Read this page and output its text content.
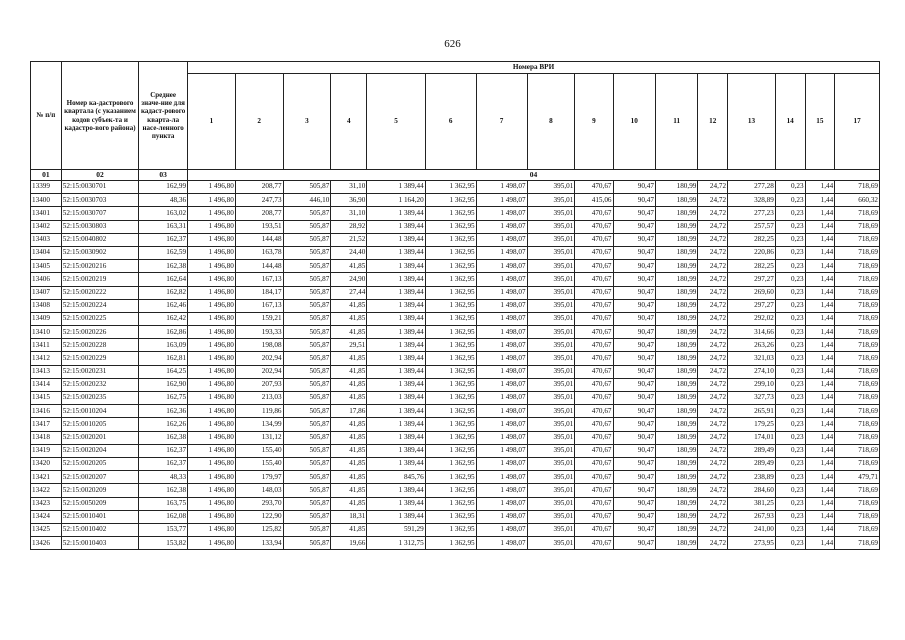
626
№ п/п	Номер ка-дастрового квартала (с указанием кодов субъек-та и кадастро-вого района)	Среднее значе-ние для кадаст-рового кварта-ла насе-ленного пункта	Номера ВРИ															
			1	2	3	4	5	6	7	8	9	10	11	12	13	14	15	17
01	02	03	04															
13399	52:15:0030701	162,99	1 496,80	208,77	505,87	31,10	1 389,44	1 362,95	1 498,07	395,01	470,67	90,47	180,99	24,72	277,28	0,23	1,44	718,69
13400	52:15:0030703	48,36	1 496,80	247,73	446,10	36,90	1 164,20	1 362,95	1 498,07	395,01	415,06	90,47	180,99	24,72	328,89	0,23	1,44	660,32
13401	52:15:0030707	163,02	1 496,80	208,77	505,87	31,10	1 389,44	1 362,95	1 498,07	395,01	470,67	90,47	180,99	24,72	277,23	0,23	1,44	718,69
13402	52:15:0030803	163,31	1 496,80	193,51	505,87	28,92	1 389,44	1 362,95	1 498,07	395,01	470,67	90,47	180,99	24,72	257,57	0,23	1,44	718,69
13403	52:15:0040802	162,37	1 496,80	144,48	505,87	21,52	1 389,44	1 362,95	1 498,07	395,01	470,67	90,47	180,99	24,72	282,25	0,23	1,44	718,69
13404	52:15:0030902	162,59	1 496,80	163,78	505,87	24,40	1 389,44	1 362,95	1 498,07	395,01	470,67	90,47	180,99	24,72	220,86	0,23	1,44	718,69
13405	52:15:0020216	162,38	1 496,80	144,48	505,87	41,85	1 389,44	1 362,95	1 498,07	395,01	470,67	90,47	180,99	24,72	282,25	0,23	1,44	718,69
13406	52:15:0020219	162,64	1 496,80	167,13	505,87	24,90	1 389,44	1 362,95	1 498,07	395,01	470,67	90,47	180,99	24,72	297,27	0,23	1,44	718,69
13407	52:15:0020222	162,82	1 496,80	184,17	505,87	27,44	1 389,44	1 362,95	1 498,07	395,01	470,67	90,47	180,99	24,72	269,60	0,23	1,44	718,69
13408	52:15:0020224	162,46	1 496,80	167,13	505,87	41,85	1 389,44	1 362,95	1 498,07	395,01	470,67	90,47	180,99	24,72	297,27	0,23	1,44	718,69
13409	52:15:0020225	162,42	1 496,80	159,21	505,87	41,85	1 389,44	1 362,95	1 498,07	395,01	470,67	90,47	180,99	24,72	292,02	0,23	1,44	718,69
13410	52:15:0020226	162,86	1 496,80	193,33	505,87	41,85	1 389,44	1 362,95	1 498,07	395,01	470,67	90,47	180,99	24,72	314,66	0,23	1,44	718,69
13411	52:15:0020228	163,09	1 496,80	198,08	505,87	29,51	1 389,44	1 362,95	1 498,07	395,01	470,67	90,47	180,99	24,72	263,26	0,23	1,44	718,69
13412	52:15:0020229	162,81	1 496,80	202,94	505,87	41,85	1 389,44	1 362,95	1 498,07	395,01	470,67	90,47	180,99	24,72	321,03	0,23	1,44	718,69
13413	52:15:0020231	164,25	1 496,80	202,94	505,87	41,85	1 389,44	1 362,95	1 498,07	395,01	470,67	90,47	180,99	24,72	274,10	0,23	1,44	718,69
13414	52:15:0020232	162,90	1 496,80	207,93	505,87	41,85	1 389,44	1 362,95	1 498,07	395,01	470,67	90,47	180,99	24,72	299,10	0,23	1,44	718,69
13415	52:15:0020235	162,75	1 496,80	213,03	505,87	41,85	1 389,44	1 362,95	1 498,07	395,01	470,67	90,47	180,99	24,72	327,73	0,23	1,44	718,69
13416	52:15:0010204	162,36	1 496,80	119,86	505,87	17,86	1 389,44	1 362,95	1 498,07	395,01	470,67	90,47	180,99	24,72	265,91	0,23	1,44	718,69
13417	52:15:0010205	162,26	1 496,80	134,99	505,87	41,85	1 389,44	1 362,95	1 498,07	395,01	470,67	90,47	180,99	24,72	179,25	0,23	1,44	718,69
13418	52:15:0020201	162,38	1 496,80	131,12	505,87	41,85	1 389,44	1 362,95	1 498,07	395,01	470,67	90,47	180,99	24,72	174,01	0,23	1,44	718,69
13419	52:15:0020204	162,37	1 496,80	155,40	505,87	41,85	1 389,44	1 362,95	1 498,07	395,01	470,67	90,47	180,99	24,72	289,49	0,23	1,44	718,69
13420	52:15:0020205	162,37	1 496,80	155,40	505,87	41,85	1 389,44	1 362,95	1 498,07	395,01	470,67	90,47	180,99	24,72	289,49	0,23	1,44	718,69
13421	52:15:0020207	48,33	1 496,80	179,97	505,87	41,85	845,76	1 362,95	1 498,07	395,01	470,67	90,47	180,99	24,72	238,89	0,23	1,44	479,71
13422	52:15:0020209	162,38	1 496,80	148,03	505,87	41,85	1 389,44	1 362,95	1 498,07	395,01	470,67	90,47	180,99	24,72	284,60	0,23	1,44	718,69
13423	52:15:0050209	163,75	1 496,80	293,70	505,87	41,85	1 389,44	1 362,95	1 498,07	395,01	470,67	90,47	180,99	24,72	381,25	0,23	1,44	718,69
13424	52:15:0010401	162,08	1 496,80	122,90	505,87	18,31	1 389,44	1 362,95	1 498,07	395,01	470,67	90,47	180,99	24,72	267,93	0,23	1,44	718,69
13425	52:15:0010402	153,77	1 496,80	125,82	505,87	41,85	591,29	1 362,95	1 498,07	395,01	470,67	90,47	180,99	24,72	241,00	0,23	1,44	718,69
13426	52:15:0010403	153,82	1 496,80	133,94	505,87	19,66	1 312,75	1 362,95	1 498,07	395,01	470,67	90,47	180,99	24,72	273,95	0,23	1,44	718,69
